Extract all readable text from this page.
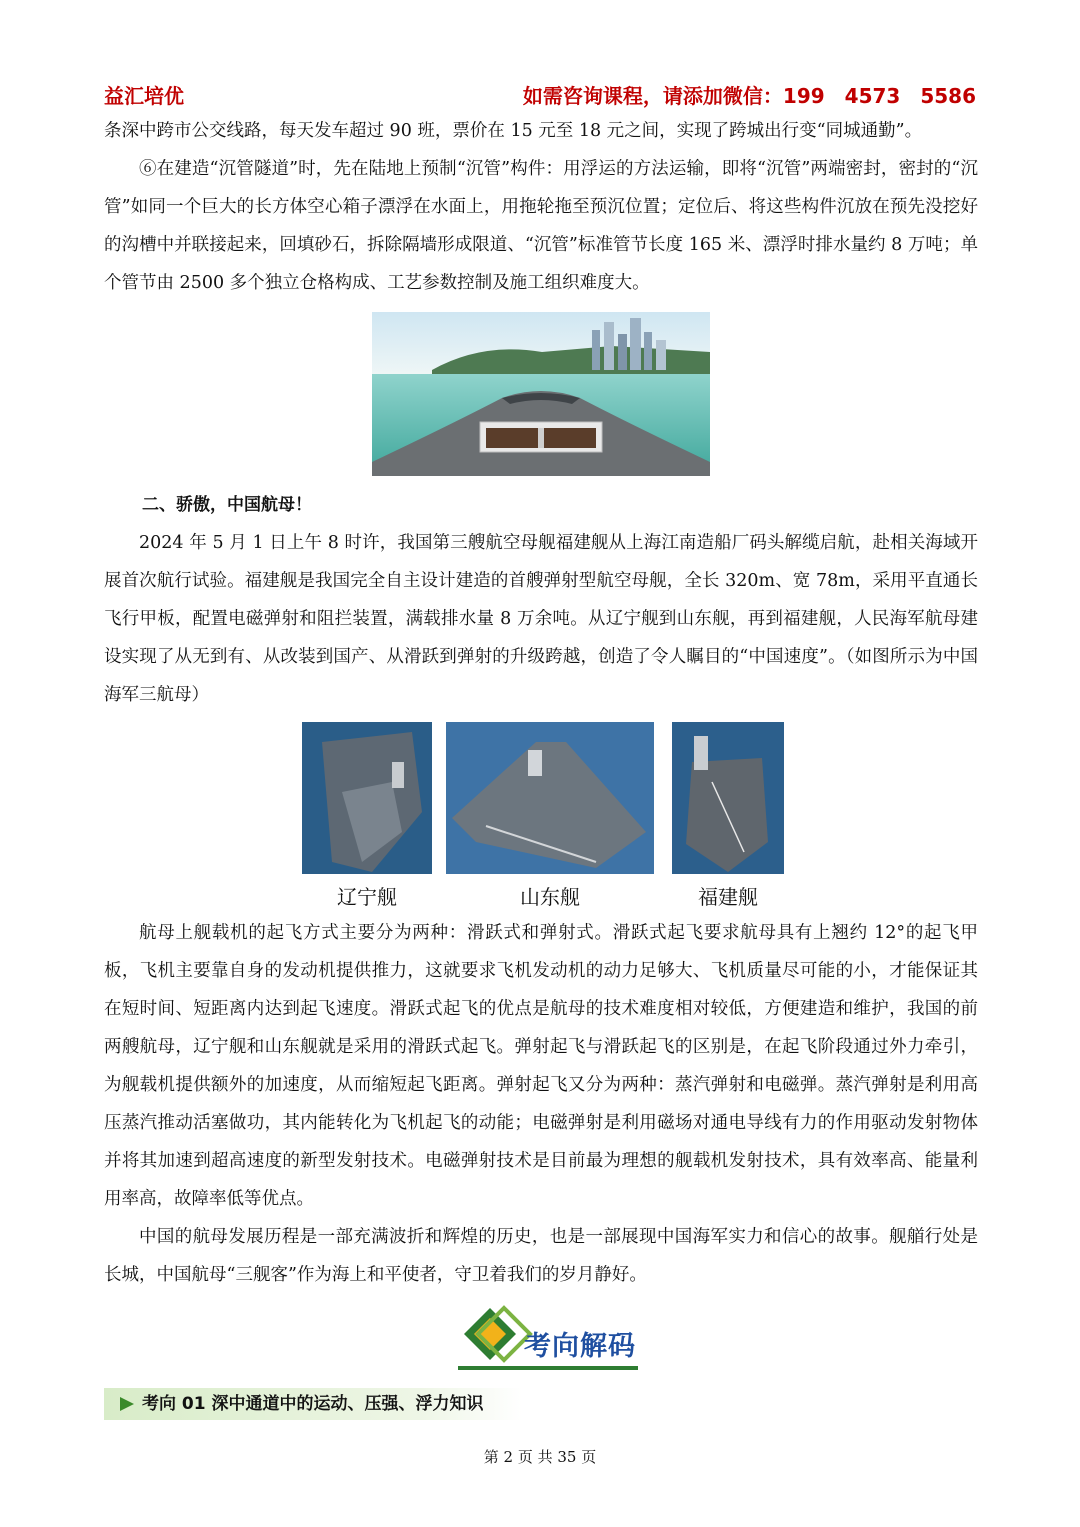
益汇培优	如需咨询课程，请添加微信：199　4573　5586

条深中跨市公交线路，每天发车超过 90 班，票价在 15 元至 18 元之间，实现了跨城出行变“同城通勤”。

⑥在建造“沉管隧道”时，先在陆地上预制“沉管”构件：用浮运的方法运输，即将“沉管”两端密封，密封的“沉管”如同一个巨大的长方体空心箱子漂浮在水面上，用拖轮拖至预沉位置；定位后、将这些构件沉放在预先没挖好的沟槽中并联接起来，回填砂石，拆除隔墙形成限道、“沉管”标准管节长度 165 米、漂浮时排水量约 8 万吨；单个管节由 2500 多个独立仓格构成、工艺参数控制及施工组织难度大。

二、骄傲，中国航母！

2024 年 5 月 1 日上午 8 时许，我国第三艘航空母舰福建舰从上海江南造船厂码头解缆启航，赴相关海域开展首次航行试验。福建舰是我国完全自主设计建造的首艘弹射型航空母舰，全长 320m、宽 78m，采用平直通长飞行甲板，配置电磁弹射和阻拦装置，满载排水量 8 万余吨。从辽宁舰到山东舰，再到福建舰，人民海军航母建设实现了从无到有、从改装到国产、从滑跃到弹射的升级跨越，创造了令人瞩目的“中国速度”。（如图所示为中国海军三航母）

辽宁舰	山东舰	福建舰

航母上舰载机的起飞方式主要分为两种：滑跃式和弹射式。滑跃式起飞要求航母具有上翘约 12°的起飞甲板，飞机主要靠自身的发动机提供推力，这就要求飞机发动机的动力足够大、飞机质量尽可能的小，才能保证其在短时间、短距离内达到起飞速度。滑跃式起飞的优点是航母的技术难度相对较低，方便建造和维护，我国的前两艘航母，辽宁舰和山东舰就是采用的滑跃式起飞。弹射起飞与滑跃起飞的区别是，在起飞阶段通过外力牵引，为舰载机提供额外的加速度，从而缩短起飞距离。弹射起飞又分为两种：蒸汽弹射和电磁弹。蒸汽弹射是利用高压蒸汽推动活塞做功，其内能转化为飞机起飞的动能；电磁弹射是利用磁场对通电导线有力的作用驱动发射物体并将其加速到超高速度的新型发射技术。电磁弹射技术是目前最为理想的舰载机发射技术，具有效率高、能量利用率高，故障率低等优点。

中国的航母发展历程是一部充满波折和辉煌的历史，也是一部展现中国海军实力和信心的故事。舰艏行处是长城，中国航母“三舰客”作为海上和平使者，守卫着我们的岁月静好。

考向解码
考向 01 深中通道中的运动、压强、浮力知识
第 2 页 共 35 页
